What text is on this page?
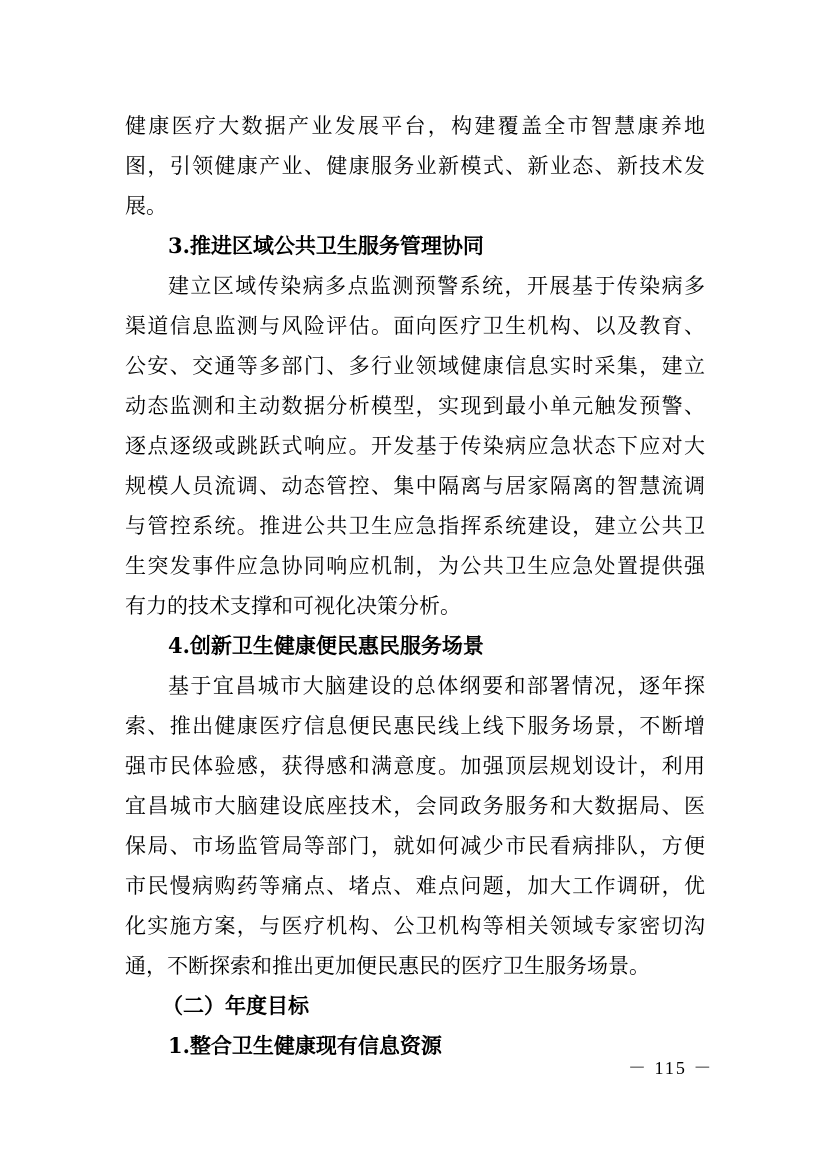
健康医疗大数据产业发展平台，构建覆盖全市智慧康养地
图，引领健康产业、健康服务业新模式、新业态、新技术发
展。
3.推进区域公共卫生服务管理协同
建立区域传染病多点监测预警系统，开展基于传染病多
渠道信息监测与风险评估。面向医疗卫生机构、以及教育、
公安、交通等多部门、多行业领域健康信息实时采集，建立
动态监测和主动数据分析模型，实现到最小单元触发预警、
逐点逐级或跳跃式响应。开发基于传染病应急状态下应对大
规模人员流调、动态管控、集中隔离与居家隔离的智慧流调
与管控系统。推进公共卫生应急指挥系统建设，建立公共卫
生突发事件应急协同响应机制，为公共卫生应急处置提供强
有力的技术支撑和可视化决策分析。
4.创新卫生健康便民惠民服务场景
基于宜昌城市大脑建设的总体纲要和部署情况，逐年探
索、推出健康医疗信息便民惠民线上线下服务场景，不断增
强市民体验感，获得感和满意度。加强顶层规划设计，利用
宜昌城市大脑建设底座技术，会同政务服务和大数据局、医
保局、市场监管局等部门，就如何减少市民看病排队，方便
市民慢病购药等痛点、堵点、难点问题，加大工作调研，优
化实施方案，与医疗机构、公卫机构等相关领域专家密切沟
通，不断探索和推出更加便民惠民的医疗卫生服务场景。
（二）年度目标
1.整合卫生健康现有信息资源
－ 115 －
